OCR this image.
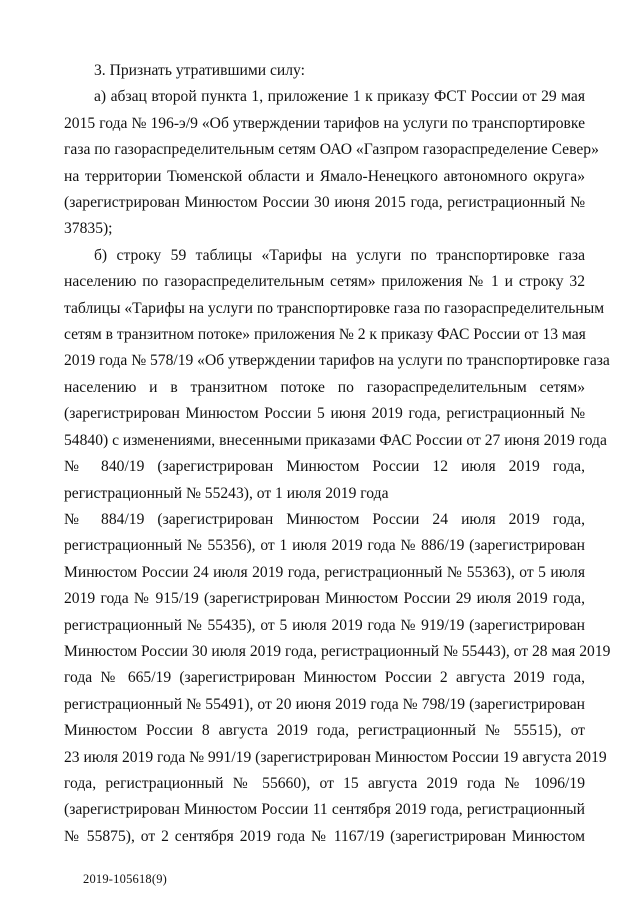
3. Признать утратившими силу:

а) абзац второй пункта 1, приложение 1 к приказу ФСТ России от 29 мая

2015 года № 196-э/9 «Об утверждении тарифов на услуги по транспортировке

газа по газораспределительным сетям ОАО «Газпром газораспределение Север»

на территории Тюменской области и Ямало-Ненецкого автономного округа»

(зарегистрирован Минюстом России 30 июня 2015 года, регистрационный №

37835);

б) строку 59 таблицы «Тарифы на услуги по транспортировке газа

населению по газораспределительным сетям» приложения № 1 и строку 32

таблицы «Тарифы на услуги по транспортировке газа по газораспределительным

сетям в транзитном потоке» приложения № 2 к приказу ФАС России от 13 мая

2019 года № 578/19 «Об утверждении тарифов на услуги по транспортировке газа

населению и в транзитном потоке по газораспределительным сетям»

(зарегистрирован Минюстом России 5 июня 2019 года, регистрационный №

54840) с изменениями, внесенными приказами ФАС России от 27 июня 2019 года

№ 840/19 (зарегистрирован Минюстом России 12 июля 2019 года,

регистрационный № 55243), от 1 июля 2019 года

№ 884/19 (зарегистрирован Минюстом России 24 июля 2019 года,

регистрационный № 55356), от 1 июля 2019 года № 886/19 (зарегистрирован

Минюстом России 24 июля 2019 года, регистрационный № 55363), от 5 июля

2019 года № 915/19 (зарегистрирован Минюстом России 29 июля 2019 года,

регистрационный № 55435), от 5 июля 2019 года № 919/19 (зарегистрирован

Минюстом России 30 июля 2019 года, регистрационный № 55443), от 28 мая 2019

года № 665/19 (зарегистрирован Минюстом России 2 августа 2019 года,

регистрационный № 55491), от 20 июня 2019 года № 798/19 (зарегистрирован

Минюстом России 8 августа 2019 года, регистрационный № 55515), от

23 июля 2019 года № 991/19 (зарегистрирован Минюстом России 19 августа 2019

года, регистрационный № 55660), от 15 августа 2019 года № 1096/19

(зарегистрирован Минюстом России 11 сентября 2019 года, регистрационный

№ 55875), от 2 сентября 2019 года № 1167/19 (зарегистрирован Минюстом

2019-105618(9)
